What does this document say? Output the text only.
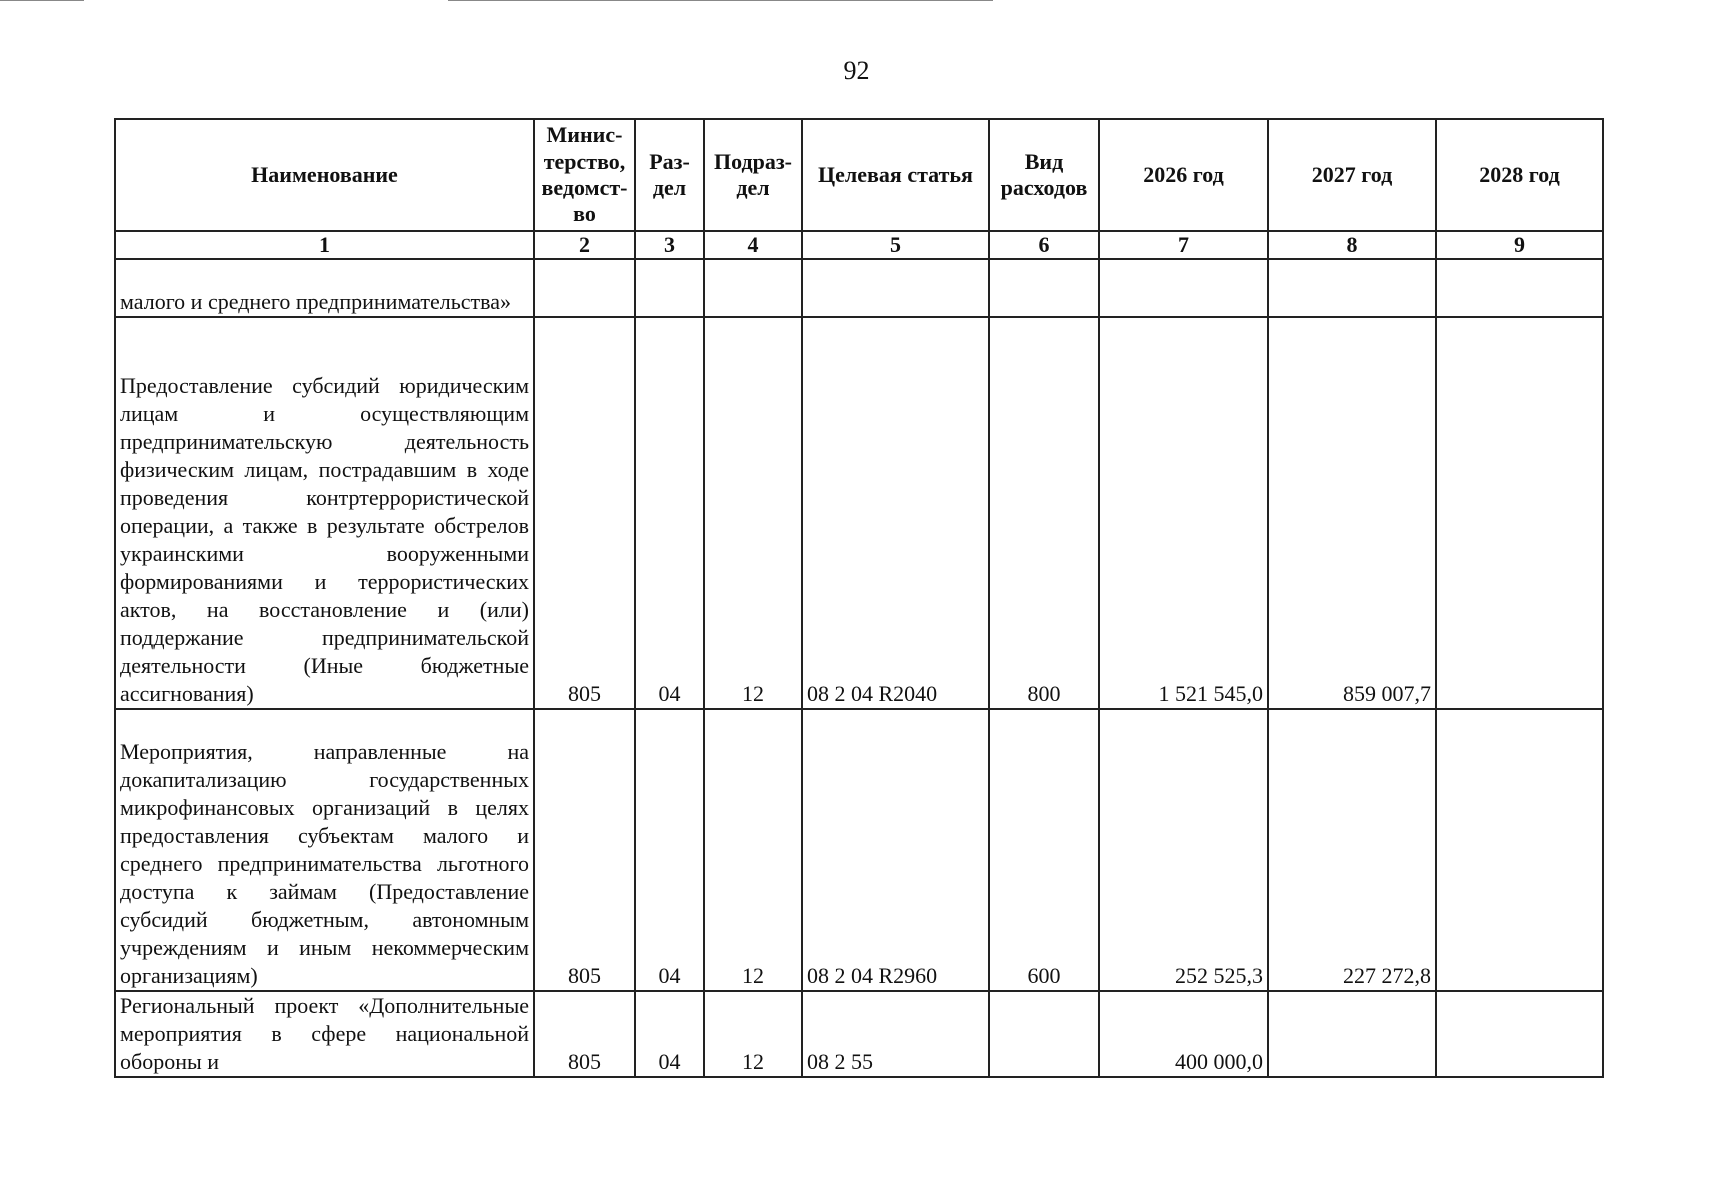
92
Наименование	Минис-терство, ведомст-во	Раз-дел	Подраз-дел	Целевая статья	Вид расходов	2026 год	2027 год	2028 год
1	2	3	4	5	6	7	8	9
малого и среднего предпринимательства»								
Предоставление субсидий юридическим лицам и осуществляющим предпринимательскую деятельность физическим лицам, пострадавшим в ходе проведения контртеррористической операции, а также в результате обстрелов украинскими вооруженными формированиями и террористических актов, на восстановление и (или) поддержание предпринимательской деятельности (Иные бюджетные ассигнования)	805	04	12	08 2 04 R2040	800	1 521 545,0	859 007,7	
Мероприятия, направленные на докапитализацию государственных микрофинансовых организаций в целях предоставления субъектам малого и среднего предпринимательства льготного доступа к займам (Предоставление субсидий бюджетным, автономным учреждениям и иным некоммерческим организациям)	805	04	12	08 2 04 R2960	600	252 525,3	227 272,8	
Региональный проект «Дополнительные мероприятия в сфере национальной обороны и	805	04	12	08 2 55		400 000,0		
